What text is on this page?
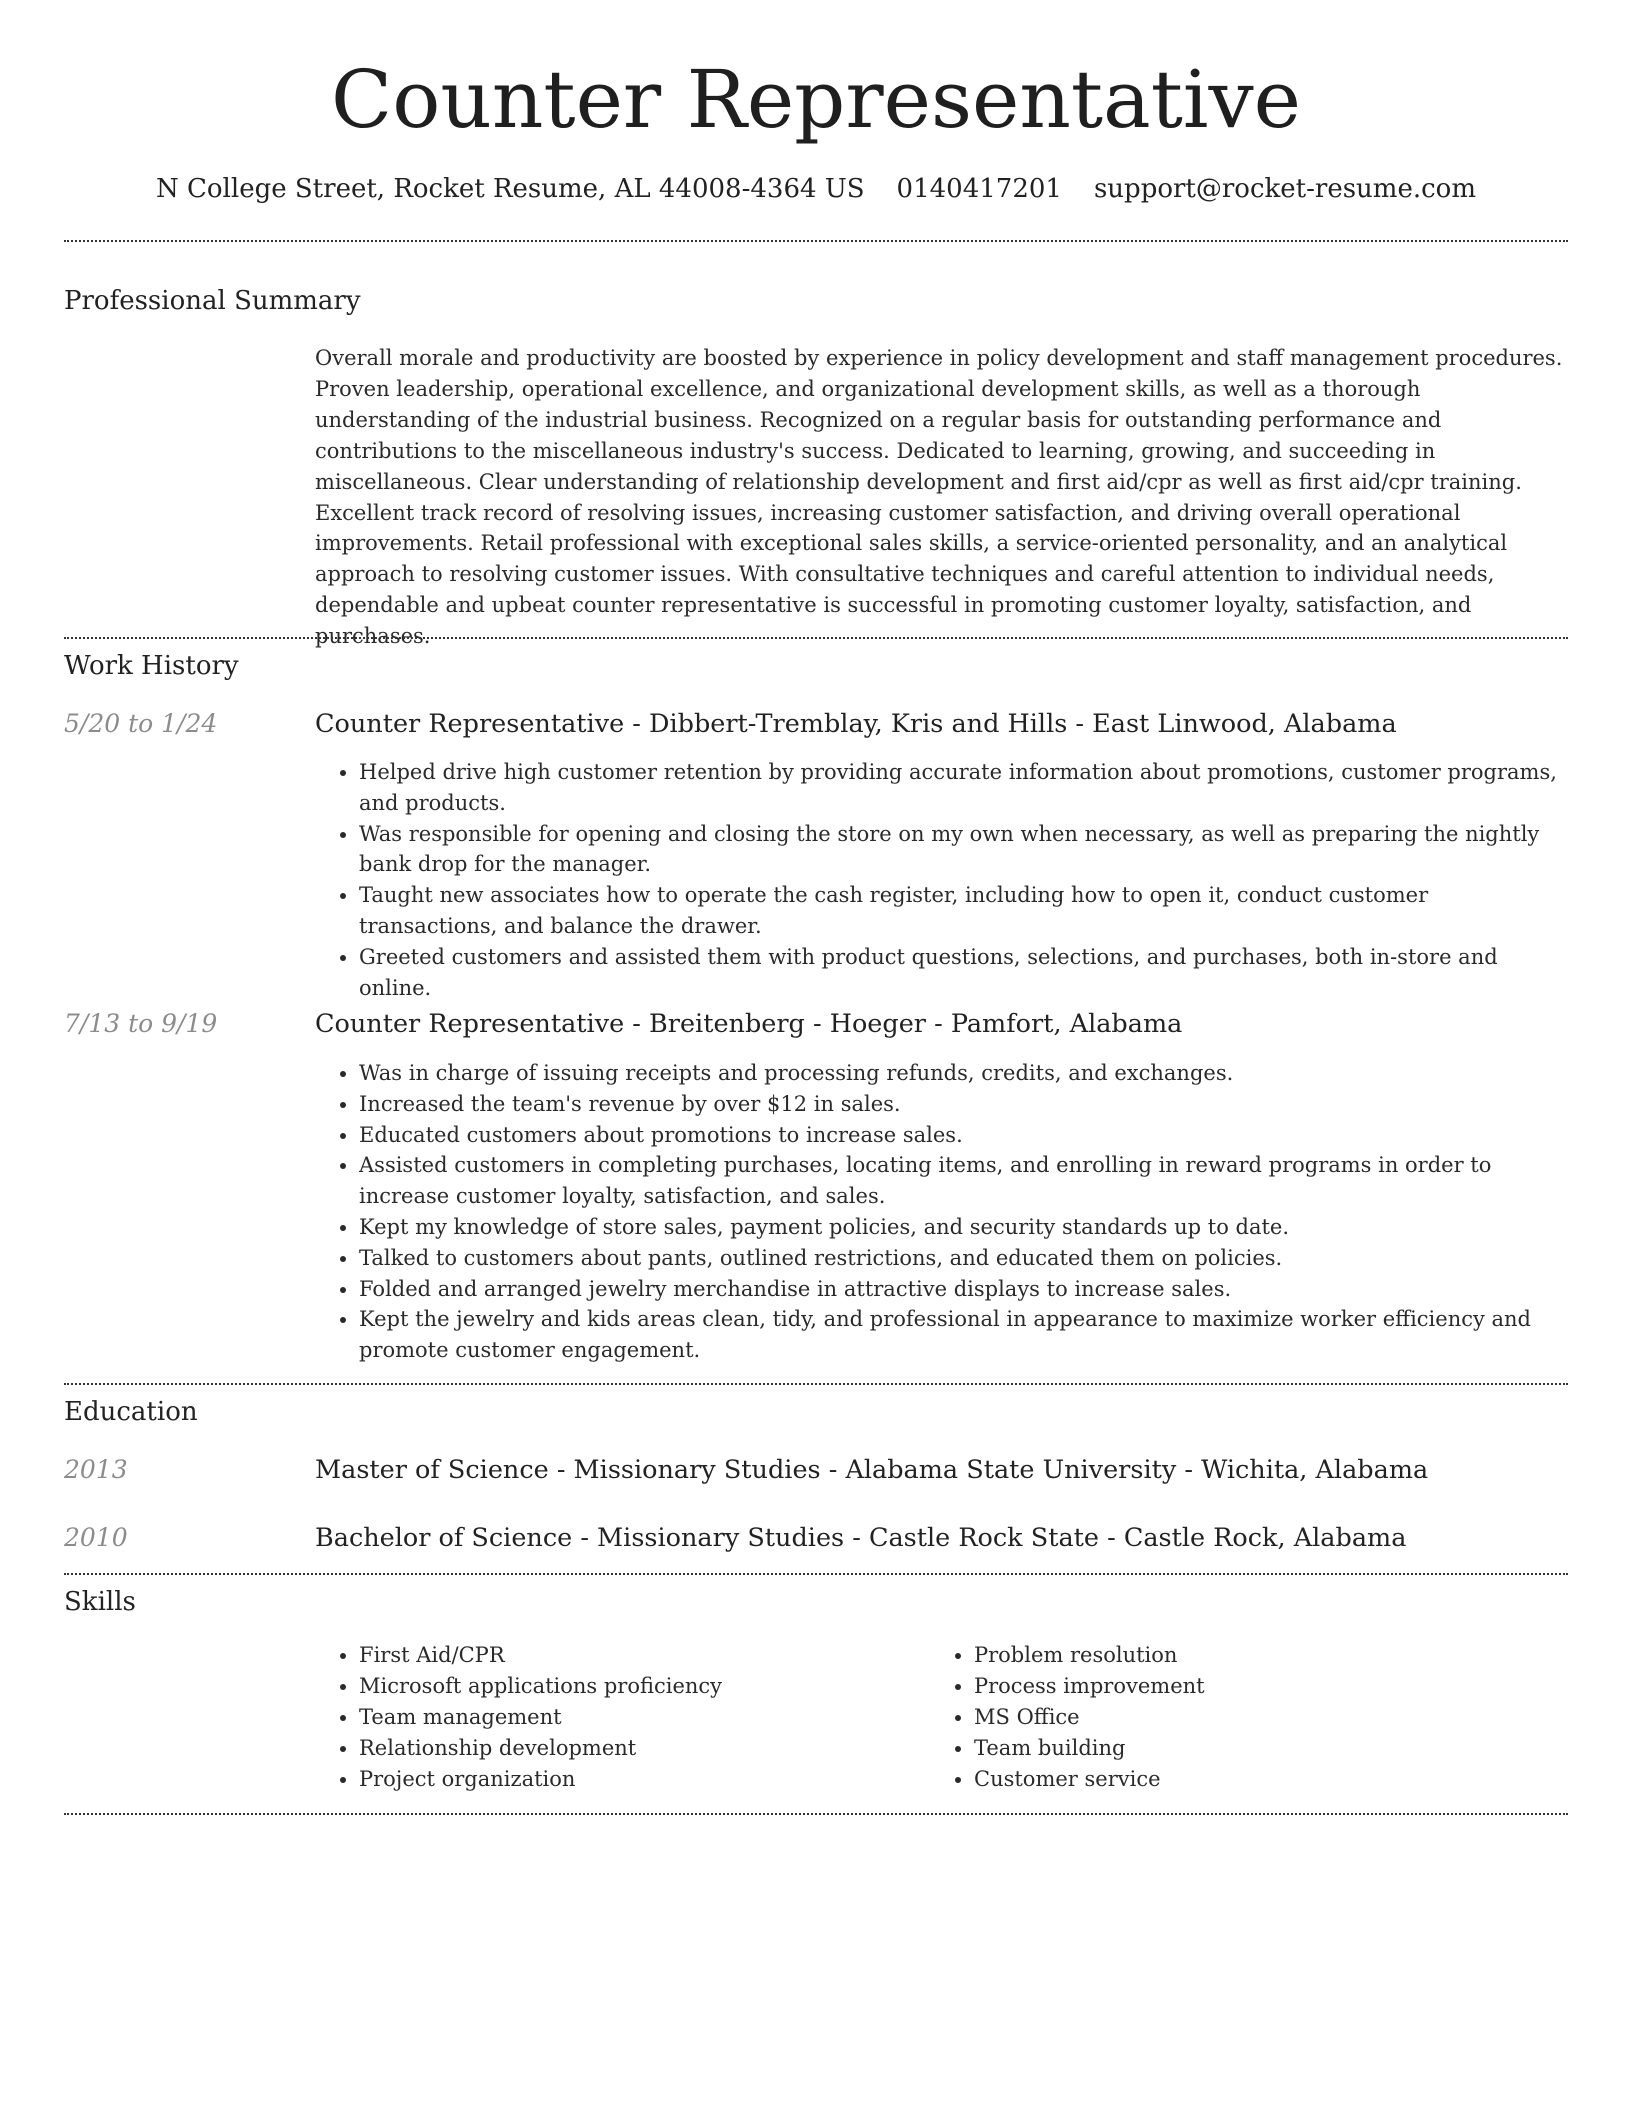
Counter Representative
N College Street, Rocket Resume, AL 44008-4364 US 0140417201 support@rocket-resume.com
Professional Summary
Overall morale and productivity are boosted by experience in policy development and staff management procedures. Proven leadership, operational excellence, and organizational development skills, as well as a thorough understanding of the industrial business. Recognized on a regular basis for outstanding performance and contributions to the miscellaneous industry's success. Dedicated to learning, growing, and succeeding in miscellaneous. Clear understanding of relationship development and first aid/cpr as well as first aid/cpr training. Excellent track record of resolving issues, increasing customer satisfaction, and driving overall operational improvements. Retail professional with exceptional sales skills, a service-oriented personality, and an analytical approach to resolving customer issues. With consultative techniques and careful attention to individual needs, dependable and upbeat counter representative is successful in promoting customer loyalty, satisfaction, and purchases.
Work History
5/20 to 1/24	Counter Representative - Dibbert-Tremblay, Kris and Hills - East Linwood, Alabama
• Helped drive high customer retention by providing accurate information about promotions, customer programs, and products.
• Was responsible for opening and closing the store on my own when necessary, as well as preparing the nightly bank drop for the manager.
• Taught new associates how to operate the cash register, including how to open it, conduct customer transactions, and balance the drawer.
• Greeted customers and assisted them with product questions, selections, and purchases, both in-store and online.
7/13 to 9/19	Counter Representative - Breitenberg - Hoeger - Pamfort, Alabama
• Was in charge of issuing receipts and processing refunds, credits, and exchanges.
• Increased the team's revenue by over $12 in sales.
• Educated customers about promotions to increase sales.
• Assisted customers in completing purchases, locating items, and enrolling in reward programs in order to increase customer loyalty, satisfaction, and sales.
• Kept my knowledge of store sales, payment policies, and security standards up to date.
• Talked to customers about pants, outlined restrictions, and educated them on policies.
• Folded and arranged jewelry merchandise in attractive displays to increase sales.
• Kept the jewelry and kids areas clean, tidy, and professional in appearance to maximize worker efficiency and promote customer engagement.
Education
2013	Master of Science - Missionary Studies - Alabama State University - Wichita, Alabama
2010	Bachelor of Science - Missionary Studies - Castle Rock State - Castle Rock, Alabama
Skills
• First Aid/CPR
• Microsoft applications proficiency
• Team management
• Relationship development
• Project organization
• Problem resolution
• Process improvement
• MS Office
• Team building
• Customer service
